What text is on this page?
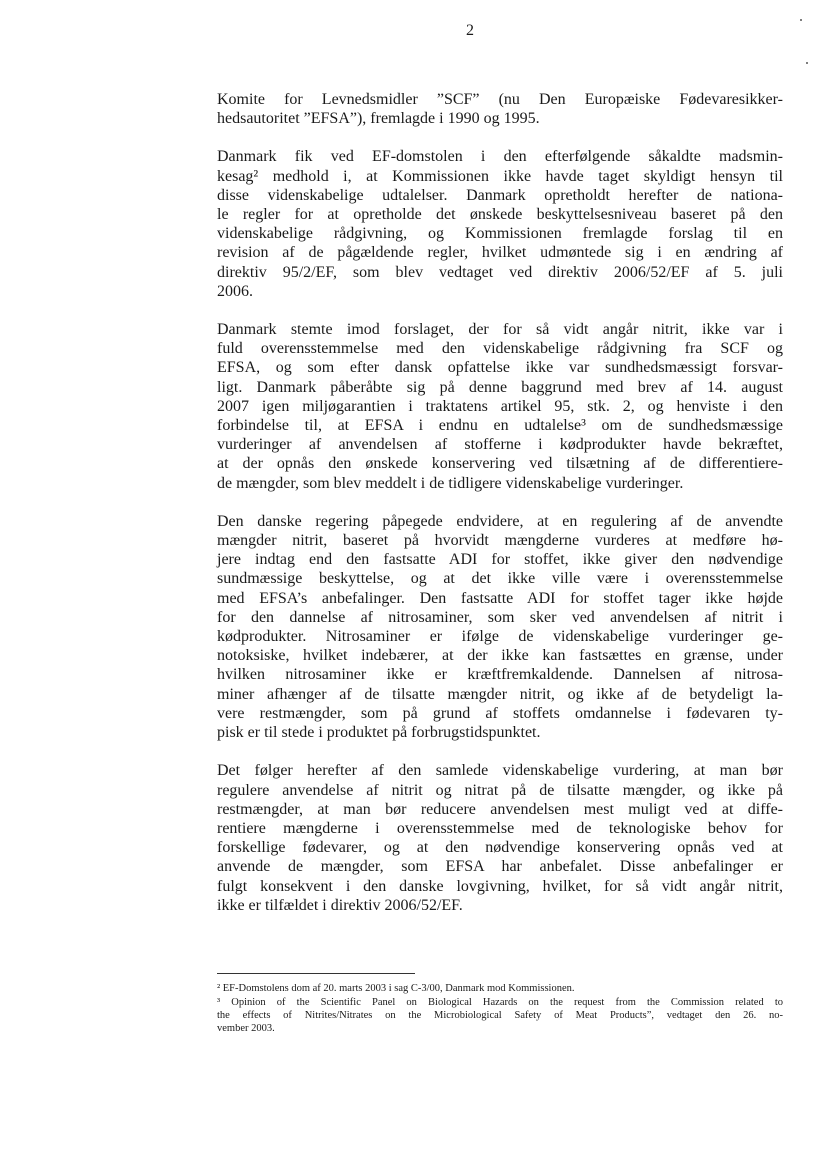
2

Komite for Levnedsmidler ”SCF” (nu Den Europæiske Fødevaresikker-
hedsautoritet ”EFSA”), fremlagde i 1990 og 1995.

Danmark fik ved EF-domstolen i den efterfølgende såkaldte madsmin-
kesag² medhold i, at Kommissionen ikke havde taget skyldigt hensyn til
disse videnskabelige udtalelser. Danmark opretholdt herefter de nationa-
le regler for at opretholde det ønskede beskyttelsesniveau baseret på den
videnskabelige rådgivning, og Kommissionen fremlagde forslag til en
revision af de pågældende regler, hvilket udmøntede sig i en ændring af
direktiv 95/2/EF, som blev vedtaget ved direktiv 2006/52/EF af 5. juli
2006.

Danmark stemte imod forslaget, der for så vidt angår nitrit, ikke var i
fuld overensstemmelse med den videnskabelige rådgivning fra SCF og
EFSA, og som efter dansk opfattelse ikke var sundhedsmæssigt forsvar-
ligt. Danmark påberåbte sig på denne baggrund med brev af 14. august
2007 igen miljøgarantien i traktatens artikel 95, stk. 2, og henviste i den
forbindelse til, at EFSA i endnu en udtalelse³ om de sundhedsmæssige
vurderinger af anvendelsen af stofferne i kødprodukter havde bekræftet,
at der opnås den ønskede konservering ved tilsætning af de differentiere-
de mængder, som blev meddelt i de tidligere videnskabelige vurderinger.

Den danske regering påpegede endvidere, at en regulering af de anvendte
mængder nitrit, baseret på hvorvidt mængderne vurderes at medføre hø-
jere indtag end den fastsatte ADI for stoffet, ikke giver den nødvendige
sundmæssige beskyttelse, og at det ikke ville være i overensstemmelse
med EFSA’s anbefalinger. Den fastsatte ADI for stoffet tager ikke højde
for den dannelse af nitrosaminer, som sker ved anvendelsen af nitrit i
kødprodukter. Nitrosaminer er ifølge de videnskabelige vurderinger ge-
notoksiske, hvilket indebærer, at der ikke kan fastsættes en grænse, under
hvilken nitrosaminer ikke er kræftfremkaldende. Dannelsen af nitrosa-
miner afhænger af de tilsatte mængder nitrit, og ikke af de betydeligt la-
vere restmængder, som på grund af stoffets omdannelse i fødevaren ty-
pisk er til stede i produktet på forbrugstidspunktet.

Det følger herefter af den samlede videnskabelige vurdering, at man bør
regulere anvendelse af nitrit og nitrat på de tilsatte mængder, og ikke på
restmængder, at man bør reducere anvendelsen mest muligt ved at diffe-
rentiere mængderne i overensstemmelse med de teknologiske behov for
forskellige fødevarer, og at den nødvendige konservering opnås ved at
anvende de mængder, som EFSA har anbefalet. Disse anbefalinger er
fulgt konsekvent i den danske lovgivning, hvilket, for så vidt angår nitrit,
ikke er tilfældet i direktiv 2006/52/EF.

² EF-Domstolens dom af 20. marts 2003 i sag C-3/00, Danmark mod Kommissionen.
³ Opinion of the Scientific Panel on Biological Hazards on the request from the Commission related to
the effects of Nitrites/Nitrates on the Microbiological Safety of Meat Products”, vedtaget den 26. no-
vember 2003.
